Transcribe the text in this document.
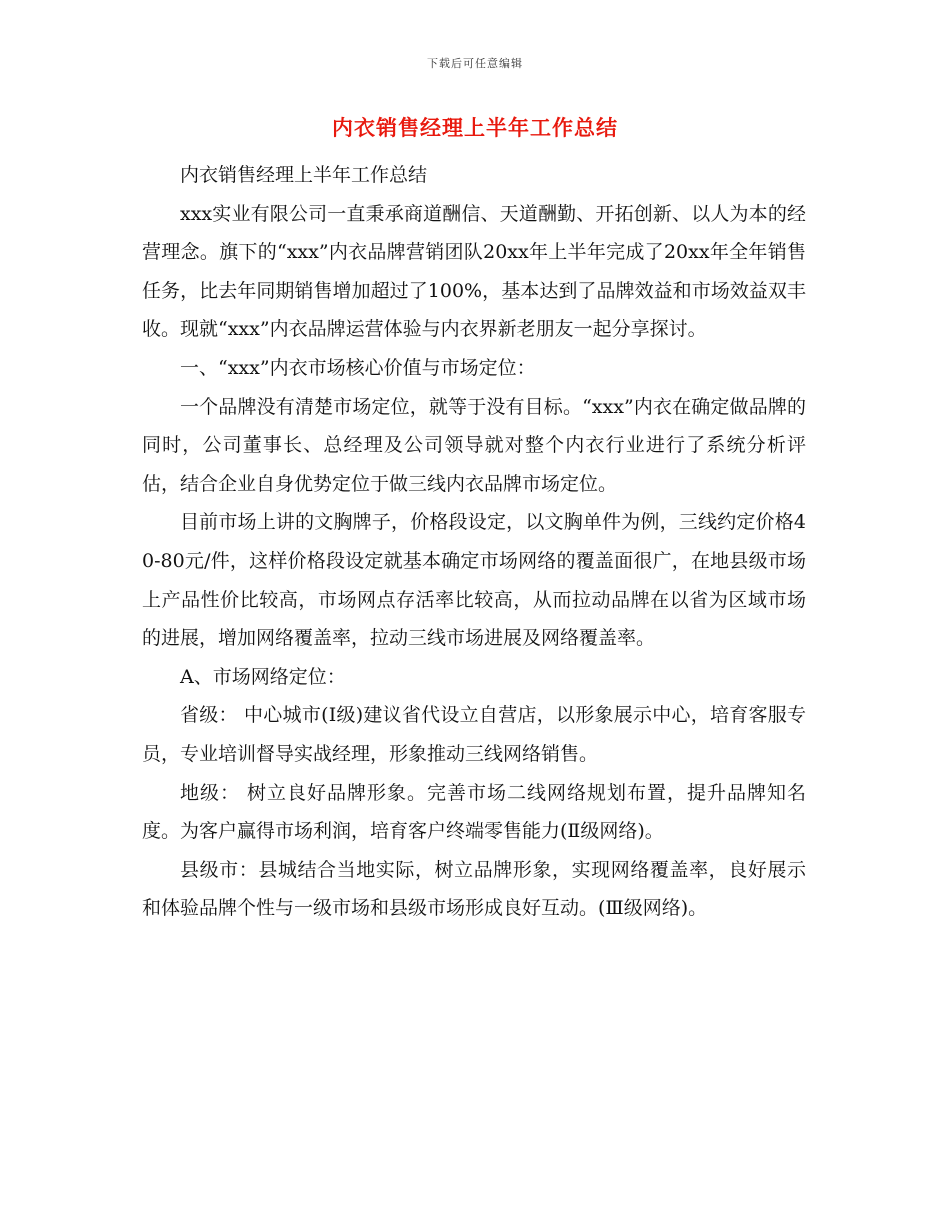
下载后可任意编辑
内衣销售经理上半年工作总结

内衣销售经理上半年工作总结

xxx实业有限公司一直秉承商道酬信、天道酬勤、开拓创新、以人为本的经营理念。旗下的“xxx”内衣品牌营销团队20xx年上半年完成了20xx年全年销售任务，比去年同期销售增加超过了100%，基本达到了品牌效益和市场效益双丰收。现就“xxx”内衣品牌运营体验与内衣界新老朋友一起分享探讨。

一、“xxx”内衣市场核心价值与市场定位：

一个品牌没有清楚市场定位，就等于没有目标。“xxx”内衣在确定做品牌的同时，公司董事长、总经理及公司领导就对整个内衣行业进行了系统分析评估，结合企业自身优势定位于做三线内衣品牌市场定位。

目前市场上讲的文胸牌子，价格段设定，以文胸单件为例，三线约定价格40-80元/件，这样价格段设定就基本确定市场网络的覆盖面很广，在地县级市场上产品性价比较高，市场网点存活率比较高，从而拉动品牌在以省为区域市场的进展，增加网络覆盖率，拉动三线市场进展及网络覆盖率。

A、市场网络定位：

省级： 中心城市(Ⅰ级)建议省代设立自营店，以形象展示中心，培育客服专员，专业培训督导实战经理，形象推动三线网络销售。

地级： 树立良好品牌形象。完善市场二线网络规划布置，提升品牌知名度。为客户赢得市场利润，培育客户终端零售能力(Ⅱ级网络)。

县级市：县城结合当地实际，树立品牌形象，实现网络覆盖率，良好展示和体验品牌个性与一级市场和县级市场形成良好互动。(Ⅲ级网络)。
